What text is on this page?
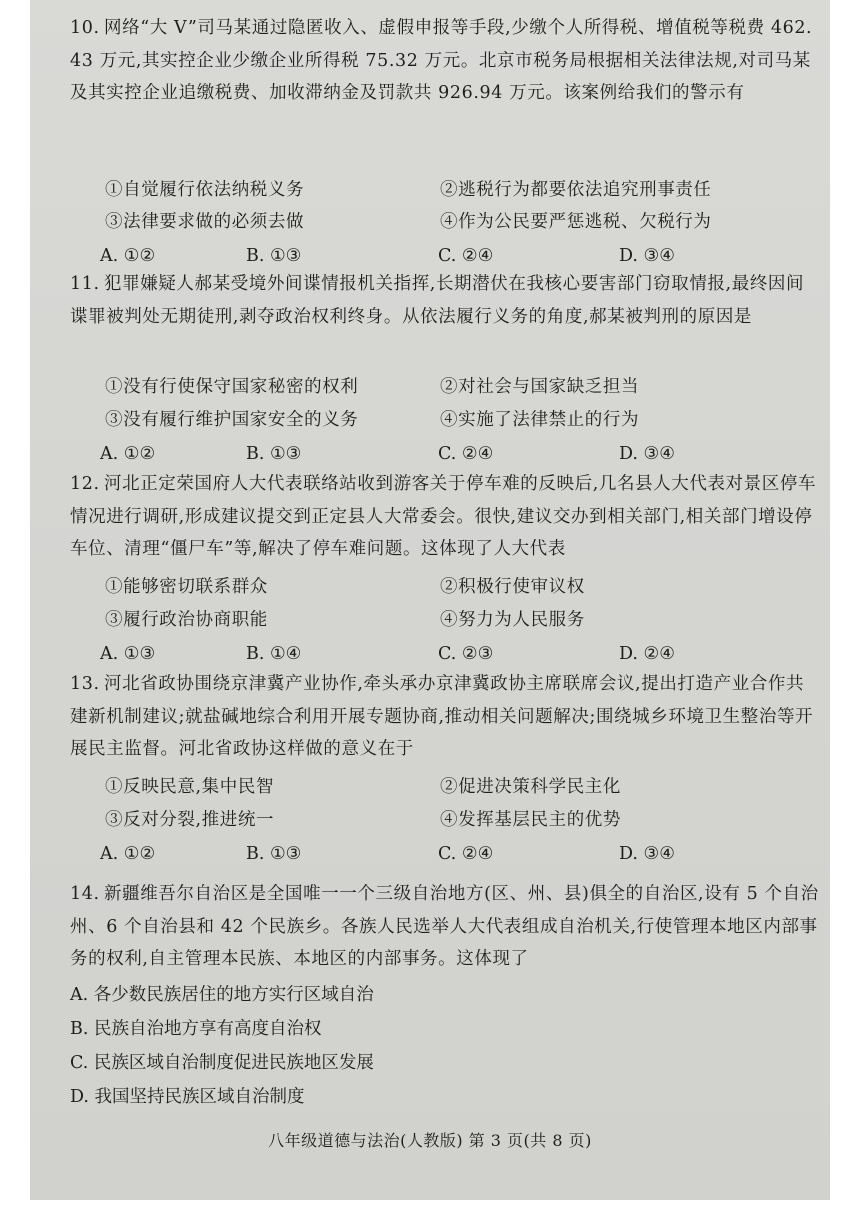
10. 网络“大 V”司马某通过隐匿收入、虚假申报等手段,少缴个人所得税、增值税等税费 462.43 万元,其实控企业少缴企业所得税 75.32 万元。北京市税务局根据相关法律法规,对司马某及其实控企业追缴税费、加收滞纳金及罚款共 926.94 万元。该案例给我们的警示有
①自觉履行依法纳税义务	②逃税行为都要依法追究刑事责任
③法律要求做的必须去做	④作为公民要严惩逃税、欠税行为
A. ①②	B. ①③	C. ②④	D. ③④
11. 犯罪嫌疑人郝某受境外间谍情报机关指挥,长期潜伏在我核心要害部门窃取情报,最终因间谍罪被判处无期徒刑,剥夺政治权利终身。从依法履行义务的角度,郝某被判刑的原因是
①没有行使保守国家秘密的权利	②对社会与国家缺乏担当
③没有履行维护国家安全的义务	④实施了法律禁止的行为
A. ①②	B. ①③	C. ②④	D. ③④
12. 河北正定荣国府人大代表联络站收到游客关于停车难的反映后,几名县人大代表对景区停车情况进行调研,形成建议提交到正定县人大常委会。很快,建议交办到相关部门,相关部门增设停车位、清理“僵尸车”等,解决了停车难问题。这体现了人大代表
①能够密切联系群众	②积极行使审议权
③履行政治协商职能	④努力为人民服务
A. ①③	B. ①④	C. ②③	D. ②④
13. 河北省政协围绕京津冀产业协作,牵头承办京津冀政协主席联席会议,提出打造产业合作共建新机制建议;就盐碱地综合利用开展专题协商,推动相关问题解决;围绕城乡环境卫生整治等开展民主监督。河北省政协这样做的意义在于
①反映民意,集中民智	②促进决策科学民主化
③反对分裂,推进统一	④发挥基层民主的优势
A. ①②	B. ①③	C. ②④	D. ③④
14. 新疆维吾尔自治区是全国唯一一个三级自治地方(区、州、县)俱全的自治区,设有 5 个自治州、6 个自治县和 42 个民族乡。各族人民选举人大代表组成自治机关,行使管理本地区内部事务的权利,自主管理本民族、本地区的内部事务。这体现了
A. 各少数民族居住的地方实行区域自治
B. 民族自治地方享有高度自治权
C. 民族区域自治制度促进民族地区发展
D. 我国坚持民族区域自治制度
八年级道德与法治(人教版) 第 3 页(共 8 页)
